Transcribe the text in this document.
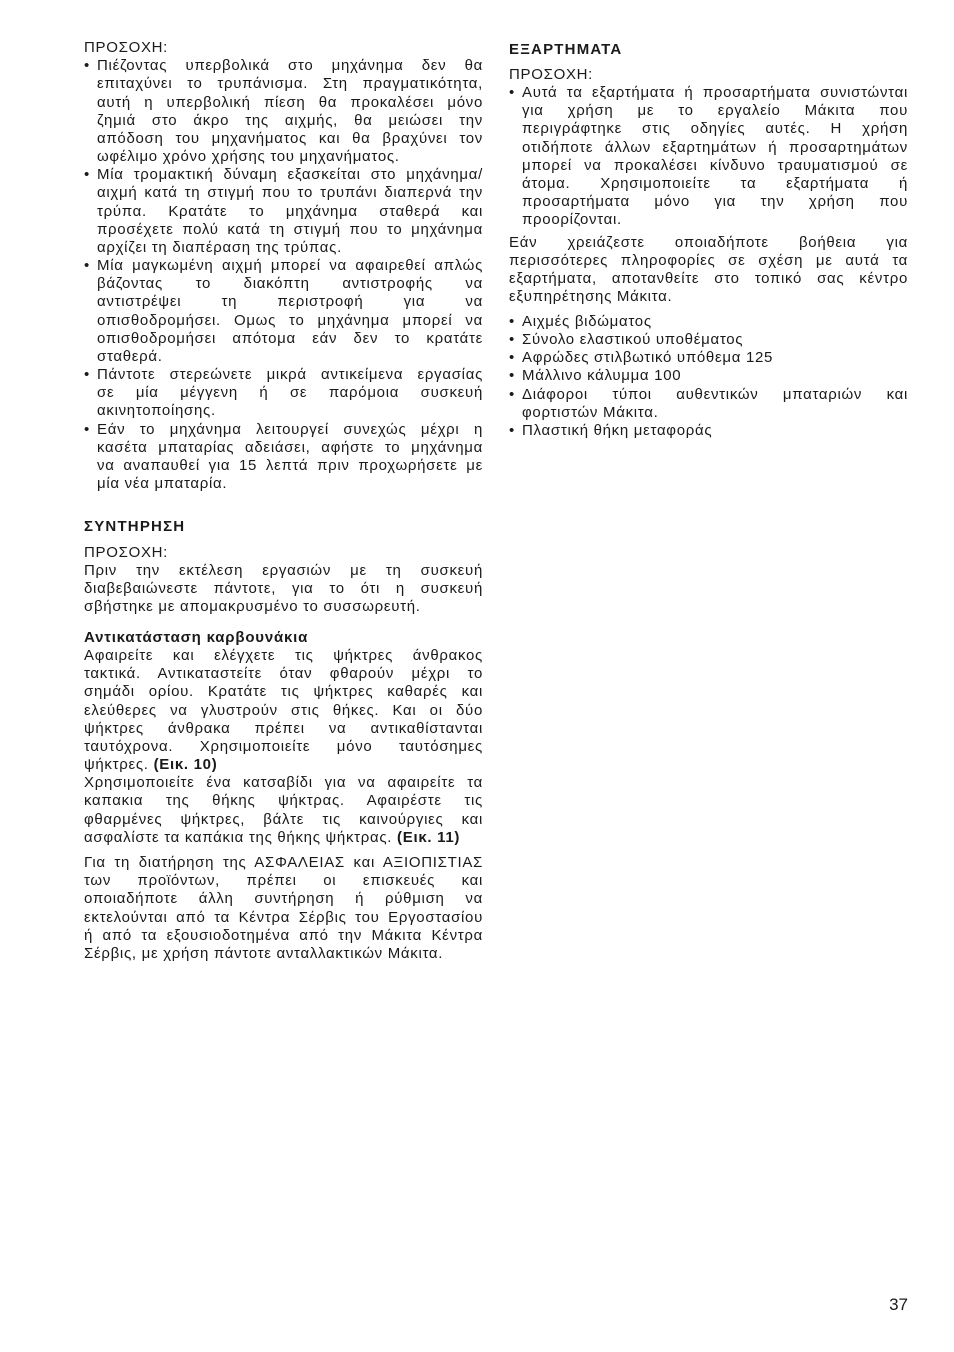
ΠΡΟΣΟΧΗ:
• Πιέζοντας υπερβολικά στο μηχάνημα δεν θα
επιταχύνει το τρυπάνισμα. Στη πραγματικότητα,
αυτή η υπερβολική πίεση θα προκαλέσει μόνο
ζημιά στο άκρο της αιχμής, θα μειώσει την
απόδοση του μηχανήματος και θα βραχύνει τον
ωφέλιμο χρόνο χρήσης του μηχανήματος.
• Μία τρομακτική δύναμη εξασκείται στο μηχάνημα/
αιχμή κατά τη στιγμή που το τρυπάνι διαπερνά την
τρύπα. Κρατάτε το μηχάνημα σταθερά και
προσέχετε πολύ κατά τη στιγμή που το μηχάνημα
αρχίζει τη διαπέραση της τρύπας.
• Μία μαγκωμένη αιχμή μπορεί να αφαιρεθεί απλώς
βάζοντας το διακόπτη αντιστροφής να
αντιστρέψει τη περιστροφή για να
οπισθοδρομήσει. Ομως το μηχάνημα μπορεί να
οπισθοδρομήσει απότομα εάν δεν το κρατάτε
σταθερά.
• Πάντοτε στερεώνετε μικρά αντικείμενα εργασίας
σε μία μέγγενη ή σε παρόμοια συσκευή
ακινητοποίησης.
• Εάν το μηχάνημα λειτουργεί συνεχώς μέχρι η
κασέτα μπαταρίας αδειάσει, αφήστε το μηχάνημα
να αναπαυθεί για 15 λεπτά πριν προχωρήσετε με
μία νέα μπαταρία.
ΣΥΝΤΗΡΗΣΗ
ΠΡΟΣΟΧΗ:
Πριν την εκτέλεση εργασιών με τη συσκευή
διαβεβαιώνεστε πάντοτε, για το ότι η συσκευή
σβήστηκε με απομακρυσμένο το συσσωρευτή.
Αντικατάσταση καρβουνάκια
Αφαιρείτε και ελέγχετε τις ψήκτρες άνθρακος
τακτικά. Αντικαταστείτε όταν φθαρούν μέχρι το
σημάδι ορίου. Κρατάτε τις ψήκτρες καθαρές και
ελεύθερες να γλυστρούν στις θήκες. Και οι δύο
ψήκτρες άνθρακα πρέπει να αντικαθίστανται
ταυτόχρονα. Χρησιμοποιείτε μόνο ταυτόσημες
ψήκτρες. (Εικ. 10)
Χρησιμοποιείτε ένα κατσαβίδι για να αφαιρείτε τα
καπακια της θήκης ψήκτρας. Αφαιρέστε τις
φθαρμένες ψήκτρες, βάλτε τις καινούργιες και
ασφαλίστε τα καπάκια της θήκης ψήκτρας. (Εικ. 11)
Για τη διατήρηση της ΑΣΦΑΛΕΙΑΣ και ΑΞΙΟΠΙΣΤΙΑΣ
των προϊόντων, πρέπει οι επισκευές και
οποιαδήποτε άλλη συντήρηση ή ρύθμιση να
εκτελούνται από τα Κέντρα Σέρβις του Εργοστασίου
ή από τα εξουσιοδοτημένα από την Μάκιτα Κέντρα
Σέρβις, με χρήση πάντοτε ανταλλακτικών Μάκιτα.
ΕΞΑΡΤΗΜΑΤΑ
ΠΡΟΣΟΧΗ:
• Αυτά τα εξαρτήματα ή προσαρτήματα συνιστώνται
για χρήση με το εργαλείο Μάκιτα που
περιγράφτηκε στις οδηγίες αυτές. Η χρήση
οτιδήποτε άλλων εξαρτημάτων ή προσαρτημάτων
μπορεί να προκαλέσει κίνδυνο τραυματισμού σε
άτομα. Χρησιμοποιείτε τα εξαρτήματα ή
προσαρτήματα μόνο για την χρήση που
προορίζονται.
Εάν χρειάζεστε οποιαδήποτε βοήθεια για
περισσότερες πληροφορίες σε σχέση με αυτά τα
εξαρτήματα, αποτανθείτε στο τοπικό σας κέντρο
εξυπηρέτησης Μάκιτα.
• Αιχμές βιδώματος
• Σύνολο ελαστικού υποθέματος
• Αφρώδες στιλβωτικό υπόθεμα 125
• Μάλλινο κάλυμμα 100
• Διάφοροι τύποι αυθεντικών μπαταριών και
φορτιστών Μάκιτα.
• Πλαστική θήκη μεταφοράς
37
